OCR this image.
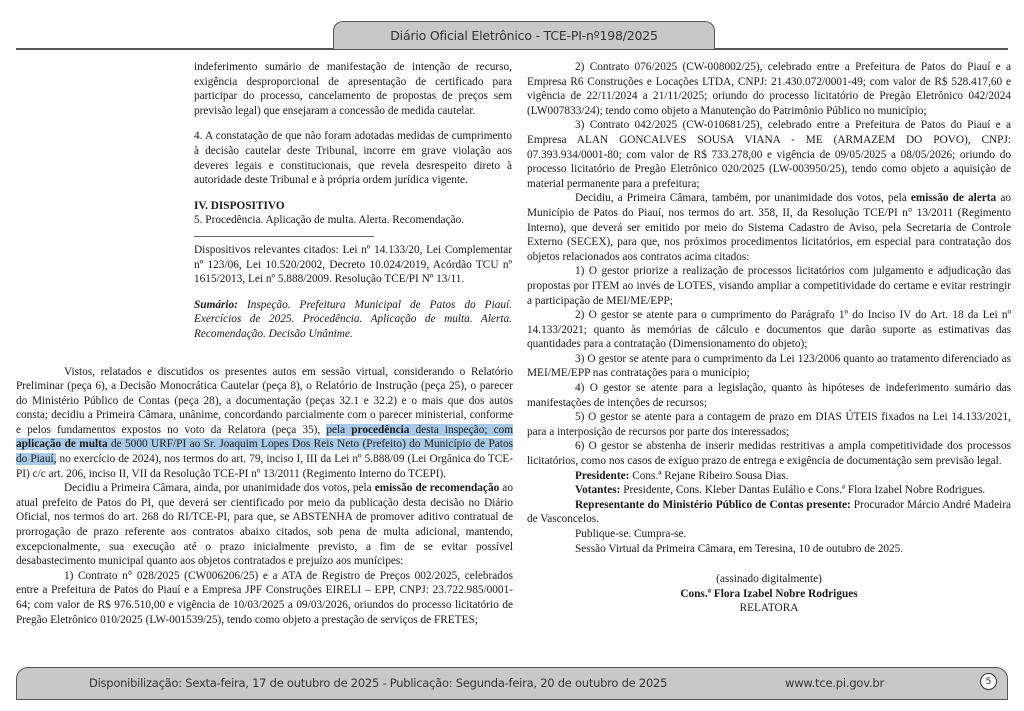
Diário Oficial Eletrônico - TCE-PI-nº198/2025

indeferimento sumário de manifestação de intenção de recurso, exigência desproporcional de apresentação de certificado para participar do processo, cancelamento de propostas de preços sem previsão legal) que ensejaram a concessão de medida cautelar.

4. A constatação de que não foram adotadas medidas de cumprimento à decisão cautelar deste Tribunal, incorre em grave violação aos deveres legais e constitucionais, que revela desrespeito direto à autoridade deste Tribunal e à própria ordem jurídica vigente.

IV. DISPOSITIVO

5. Procedência. Aplicação de multa. Alerta. Recomendação.

Dispositivos relevantes citados: Lei nº 14.133/20, Lei Complementar nº 123/06, Lei 10.520/2002, Decreto 10.024/2019, Acórdão TCU nº 1615/2013, Lei nº 5.888/2009. Resolução TCE/PI Nº 13/11.

Sumário: Inspeção. Prefeitura Municipal de Patos do Piauí. Exercícios de 2025. Procedência. Aplicação de multa. Alerta. Recomendação. Decisão Unânime.

Vistos, relatados e discutidos os presentes autos em sessão virtual, considerando o Relatório Preliminar (peça 6), a Decisão Monocrática Cautelar (peça 8), o Relatório de Instrução (peça 25), o parecer do Ministério Público de Contas (peça 28), a documentação (peças 32.1 e 32.2) e o mais que dos autos consta; decidiu a Primeira Câmara, unânime, concordando parcialmente com o parecer ministerial, conforme e pelos fundamentos expostos no voto da Relatora (peça 35), pela procedência desta inspeção; com aplicação de multa de 5000 URF/PI ao Sr. Joaquim Lopes Dos Reis Neto (Prefeito) do Município de Patos do Piauí, no exercício de 2024), nos termos do art. 79, inciso I, III da Lei nº 5.888/09 (Lei Orgânica do TCE-PI) c/c art. 206, inciso II, VII da Resolução TCE-PI nº 13/2011 (Regimento Interno do TCEPI).

Decidiu a Primeira Câmara, ainda, por unanimidade dos votos, pela emissão de recomendação ao atual prefeito de Patos do PI, que deverá ser cientificado por meio da publicação desta decisão no Diário Oficial, nos termos do art. 268 do RI/TCE-PI, para que, se ABSTENHA de promover aditivo contratual de prorrogação de prazo referente aos contratos abaixo citados, sob pena de multa adicional, mantendo, excepcionalmente, sua execução até o prazo inicialmente previsto, a fim de se evitar possível desabastecimento municipal quanto aos objetos contratados e prejuízo aos munícipes:

1) Contrato n° 028/2025 (CW006206/25) e a ATA de Registro de Preços 002/2025, celebrados entre a Prefeitura de Patos do Piauí e a Empresa JPF Construções EIRELI – EPP, CNPJ: 23.722.985/0001- 64; com valor de R$ 976.510,00 e vigência de 10/03/2025 a 09/03/2026, oriundos do processo licitatório de Pregão Eletrônico 010/2025 (LW-001539/25), tendo como objeto a prestação de serviços de FRETES;

2) Contrato 076/2025 (CW-008002/25), celebrado entre a Prefeitura de Patos do Piauí e a Empresa R6 Construções e Locações LTDA, CNPJ: 21.430.072/0001-49; com valor de R$ 528.417,60 e vigência de 22/11/2024 a 21/11/2025; oriundo do processo licitatório de Pregão Eletrônico 042/2024 (LW007833/24); tendo como objeto a Manutenção do Patrimônio Público no município;

3) Contrato 042/2025 (CW-010681/25), celebrado entre a Prefeitura de Patos do Piauí e a Empresa ALAN GONCALVES SOUSA VIANA - ME (ARMAZEM DO POVO), CNPJ: 07.393.934/0001-80; com valor de R$ 733.278,00 e vigência de 09/05/2025 a 08/05/2026; oriundo do processo licitatório de Pregão Eletrônico 020/2025 (LW-003950/25), tendo como objeto a aquisição de material permanente para a prefeitura;

Decidiu, a Primeira Câmara, também, por unanimidade dos votos, pela emissão de alerta ao Município de Patos do Piauí, nos termos do art. 358, II, da Resolução TCE/PI n° 13/2011 (Regimento Interno), que deverá ser emitido por meio do Sistema Cadastro de Aviso, pela Secretaria de Controle Externo (SECEX), para que, nos próximos procedimentos licitatórios, em especial para contratação dos objetos relacionados aos contratos acima citados:

1) O gestor priorize a realização de processos licitatórios com julgamento e adjudicação das propostas por ITEM ao invés de LOTES, visando ampliar a competitividade do certame e evitar restringir a participação de MEI/ME/EPP;

2) O gestor se atente para o cumprimento do Parágrafo 1º do Inciso IV do Art. 18 da Lei nº 14.133/2021; quanto às memórias de cálculo e documentos que darão suporte as estimativas das quantidades para a contratação (Dimensionamento do objeto);

3) O gestor se atente para o cumprimento da Lei 123/2006 quanto ao tratamento diferenciado as MEI/ME/EPP nas contratações para o município;

4) O gestor se atente para a legislação, quanto às hipóteses de indeferimento sumário das manifestações de intenções de recursos;

5) O gestor se atente para a contagem de prazo em DIAS ÚTEIS fixados na Lei 14.133/2021, para a interposição de recursos por parte dos interessados;

6) O gestor se abstenha de inserir medidas restritivas a ampla competitividade dos processos licitatórios, como nos casos de exíguo prazo de entrega e exigência de documentação sem previsão legal.

Presidente: Cons.ª Rejane Ribeiro Sousa Dias.

Votantes: Presidente, Cons. Kleber Dantas Eulálio e Cons.ª Flora Izabel Nobre Rodrigues.

Representante do Ministério Público de Contas presente: Procurador Márcio André Madeira de Vasconcelos.

Publique-se. Cumpra-se.

Sessão Virtual da Primeira Câmara, em Teresina, 10 de outubro de 2025.

(assinado digitalmente)

Cons.ª Flora Izabel Nobre Rodrigues

RELATORA

Disponibilização: Sexta-feira, 17 de outubro de 2025 - Publicação: Segunda-feira, 20 de outubro de 2025	www.tce.pi.gov.br	5
